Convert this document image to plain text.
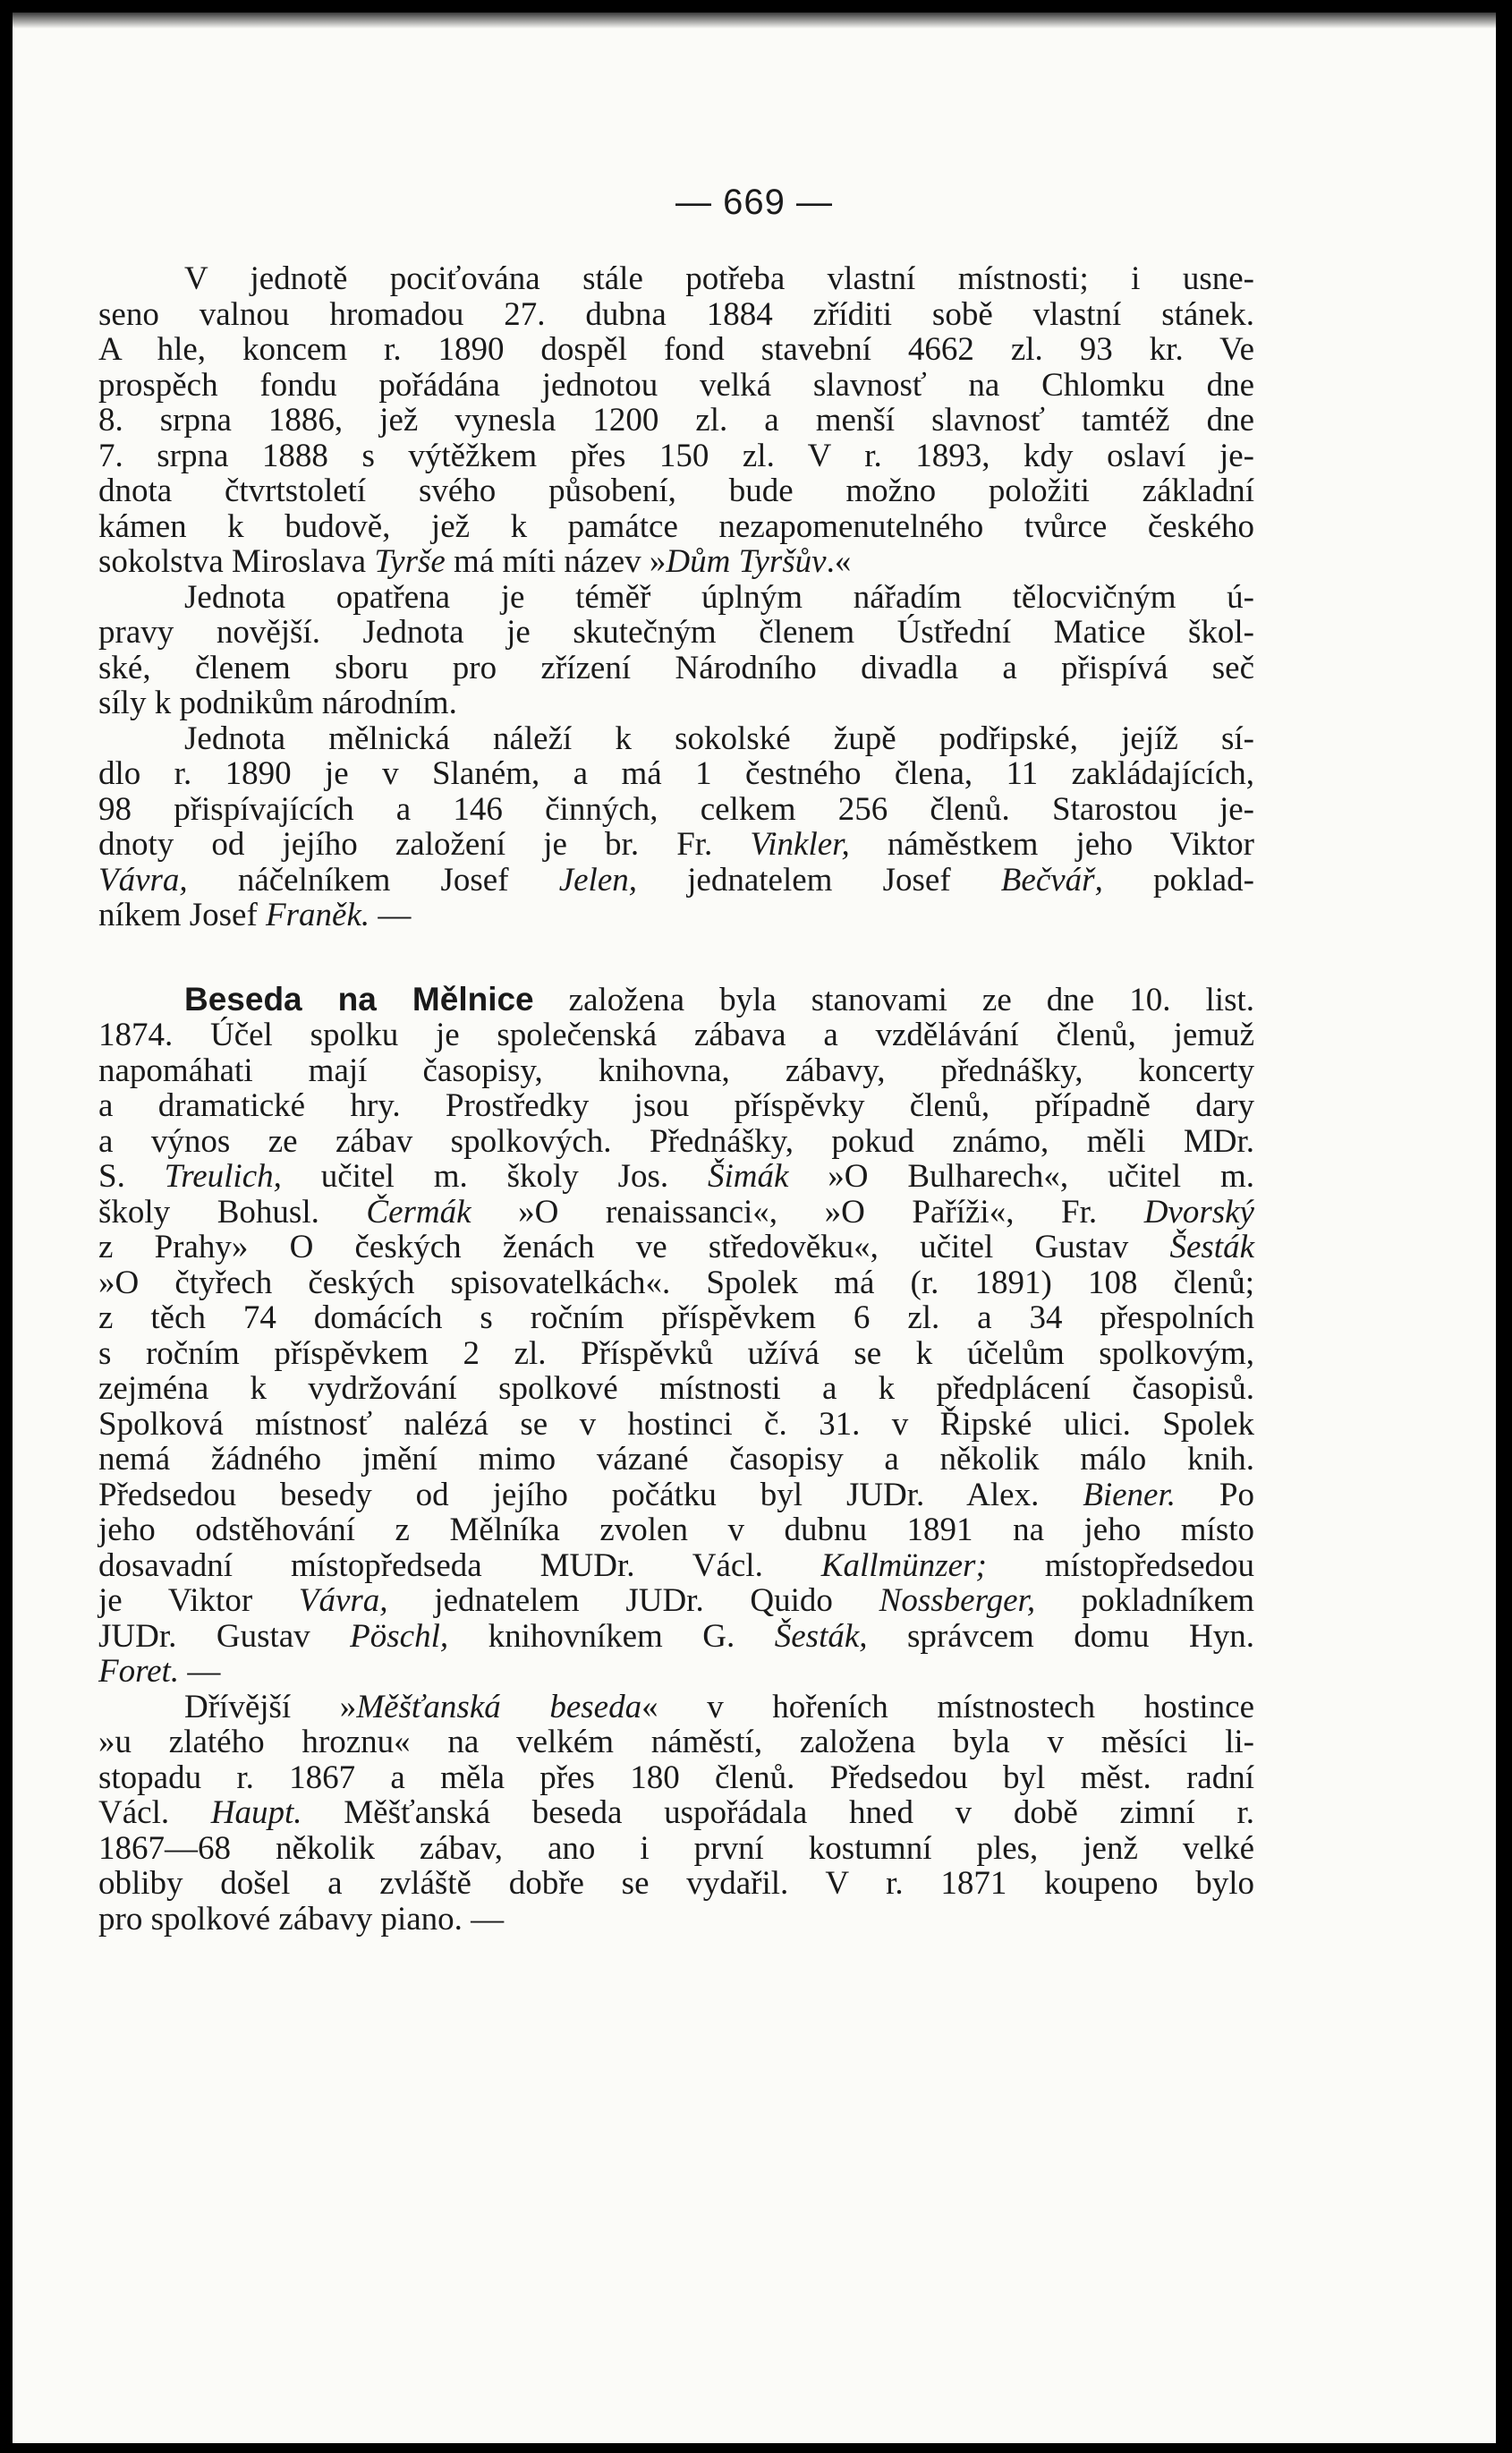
— 669 —

V jednotě pociťována stále potřeba vlastní místnosti; i usne-
seno valnou hromadou 27. dubna 1884 zříditi sobě vlastní stánek.
A hle, koncem r. 1890 dospěl fond stavební 4662 zl. 93 kr. Ve
prospěch fondu pořádána jednotou velká slavnosť na Chlomku dne
8. srpna 1886, jež vynesla 1200 zl. a menší slavnosť tamtéž dne
7. srpna 1888 s výtěžkem přes 150 zl. V r. 1893, kdy oslaví je-
dnota čtvrtstoletí svého působení, bude možno položiti základní
kámen k budově, jež k památce nezapomenutelného tvůrce českého
sokolstva Miroslava Tyrše má míti název »Dům Tyršův.«

Jednota opatřena je téměř úplným nářadím tělocvičným ú-
pravy novější. Jednota je skutečným členem Ústřední Matice škol-
ské, členem sboru pro zřízení Národního divadla a přispívá seč
síly k podnikům národním.

Jednota mělnická náleží k sokolské župě podřipské, jejíž sí-
dlo r. 1890 je v Slaném, a má 1 čestného člena, 11 zakládajících,
98 přispívajících a 146 činných, celkem 256 členů. Starostou je-
dnoty od jejího založení je br. Fr. Vinkler, náměstkem jeho Viktor
Vávra, náčelníkem Josef Jelen, jednatelem Josef Bečvář, poklad-
níkem Josef Franěk. —

Beseda na Mělnice založena byla stanovami ze dne 10. list.
1874. Účel spolku je společenská zábava a vzdělávání členů, jemuž
napomáhati mají časopisy, knihovna, zábavy, přednášky, koncerty
a dramatické hry. Prostředky jsou příspěvky členů, případně dary
a výnos ze zábav spolkových. Přednášky, pokud známo, měli MDr.
S. Treulich, učitel m. školy Jos. Šimák »O Bulharech«, učitel m.
školy Bohusl. Čermák »O renaissanci«, »O Paříži«, Fr. Dvorský
z Prahy» O českých ženách ve středověku«, učitel Gustav Šesták
»O čtyřech českých spisovatelkách«. Spolek má (r. 1891) 108 členů;
z těch 74 domácích s ročním příspěvkem 6 zl. a 34 přespolních
s ročním příspěvkem 2 zl. Příspěvků užívá se k účelům spolkovým,
zejména k vydržování spolkové místnosti a k předplácení časopisů.
Spolková místnosť nalézá se v hostinci č. 31. v Řipské ulici. Spolek
nemá žádného jmění mimo vázané časopisy a několik málo knih.
Předsedou besedy od jejího počátku byl JUDr. Alex. Biener. Po
jeho odstěhování z Mělníka zvolen v dubnu 1891 na jeho místo
dosavadní místopředseda MUDr. Václ. Kallmünzer; místopředsedou
je Viktor Vávra, jednatelem JUDr. Quido Nossberger, pokladníkem
JUDr. Gustav Pöschl, knihovníkem G. Šesták, správcem domu Hyn.
Foret. —

Dřívější »Měšťanská beseda« v hořeních místnostech hostince
»u zlatého hroznu« na velkém náměstí, založena byla v měsíci li-
stopadu r. 1867 a měla přes 180 členů. Předsedou byl měst. radní
Václ. Haupt. Měšťanská beseda uspořádala hned v době zimní r.
1867—68 několik zábav, ano i první kostumní ples, jenž velké
obliby došel a zvláště dobře se vydařil. V r. 1871 koupeno bylo
pro spolkové zábavy piano. —
